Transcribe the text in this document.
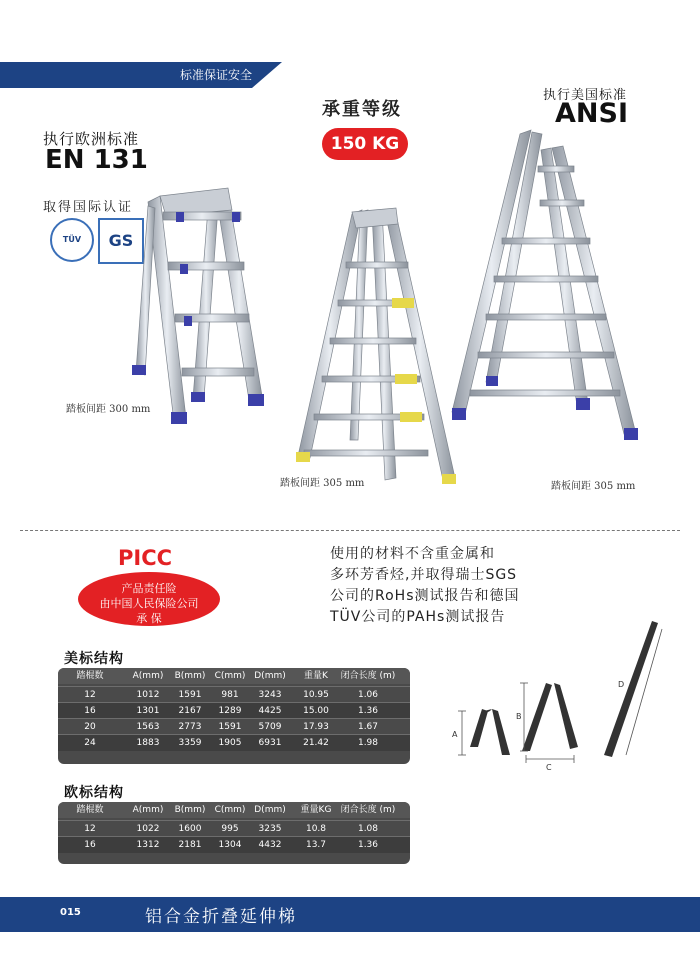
标准保证安全
执行欧洲标准
EN 131
取得国际认证
TÜV	GS
承重等级
150 KG
执行美国标准
ANSI
踏板间距 300 mm
踏板间距 305 mm	踏板间距 305 mm
PICC
产品责任险
由中国人民保险公司
承 保
使用的材料不含重金属和
多环芳香烃,并取得瑞士SGS
公司的RoHs测试报告和德国
TÜV公司的PAHs测试报告
美标结构
踏棍数	A(mm)	B(mm)	C(mm) D(mm)	重量K	闭合长度 (m)
12	1012	1591	981	3243	10.95	1.06
16	1301	2167	1289	4425	15.00	1.36
20	1563	2773	1591	5709	17.93	1.67
24	1883	3359	1905	6931	21.42	1.98
欧标结构
踏棍数	A(mm)	B(mm)	C(mm) D(mm)	重量KG	闭合长度 (m)
12	1022	1600	995	3235	10.8	1.08
16	1312	2181	1304	4432	13.7	1.36
A
B
C
D
015	铝合金折叠延伸梯
